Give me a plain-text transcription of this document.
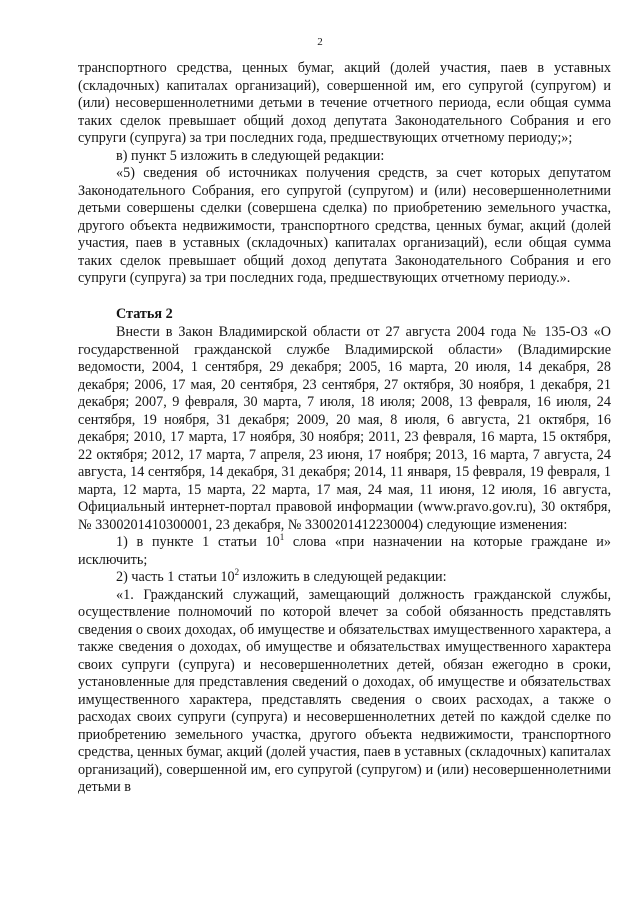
2

транспортного средства, ценных бумаг, акций (долей участия, паев в уставных (складочных) капиталах организаций), совершенной им, его супругой (супругом) и (или) несовершеннолетними детьми в течение отчетного периода, если общая сумма таких сделок превышает общий доход депутата Законодательного Собрания и его супруги (супруга) за три последних года, предшествующих отчетному периоду;»;

в) пункт 5 изложить в следующей редакции:

«5) сведения об источниках получения средств, за счет которых депутатом Законодательного Собрания, его супругой (супругом) и (или) несовершеннолетними детьми совершены сделки (совершена сделка) по приобретению земельного участка, другого объекта недвижимости, транспортного средства, ценных бумаг, акций (долей участия, паев в уставных (складочных) капиталах организаций), если общая сумма таких сделок превышает общий доход депутата Законодательного Собрания и его супруги (супруга) за три последних года, предшествующих отчетному периоду.».

Статья 2

Внести в Закон Владимирской области от 27 августа 2004 года № 135-ОЗ «О государственной гражданской службе Владимирской области» (Владимирские ведомости, 2004, 1 сентября, 29 декабря; 2005, 16 марта, 20 июля, 14 декабря, 28 декабря; 2006, 17 мая, 20 сентября, 23 сентября, 27 октября, 30 ноября, 1 декабря, 21 декабря; 2007, 9 февраля, 30 марта, 7 июля, 18 июля; 2008, 13 февраля, 16 июля, 24 сентября, 19 ноября, 31 декабря; 2009, 20 мая, 8 июля, 6 августа, 21 октября, 16 декабря; 2010, 17 марта, 17 ноября, 30 ноября; 2011, 23 февраля, 16 марта, 15 октября, 22 октября; 2012, 17 марта, 7 апреля, 23 июня, 17 ноября; 2013, 16 марта, 7 августа, 24 августа, 14 сентября, 14 декабря, 31 декабря; 2014, 11 января, 15 февраля, 19 февраля, 1 марта, 12 марта, 15 марта, 22 марта, 17 мая, 24 мая, 11 июня, 12 июля, 16 августа, Официальный интернет-портал правовой информации (www.pravo.gov.ru), 30 октября, № 3300201410300001, 23 декабря, № 3300201412230004) следующие изменения:

1) в пункте 1 статьи $10^1$ слова «при назначении на которые граждане и» исключить;

2) часть 1 статьи $10^2$ изложить в следующей редакции:

«1. Гражданский служащий, замещающий должность гражданской службы, осуществление полномочий по которой влечет за собой обязанность представлять сведения о своих доходах, об имуществе и обязательствах имущественного характера, а также сведения о доходах, об имуществе и обязательствах имущественного характера своих супруги (супруга) и несовершеннолетних детей, обязан ежегодно в сроки, установленные для представления сведений о доходах, об имуществе и обязательствах имущественного характера, представлять сведения о своих расходах, а также о расходах своих супруги (супруга) и несовершеннолетних детей по каждой сделке по приобретению земельного участка, другого объекта недвижимости, транспортного средства, ценных бумаг, акций (долей участия, паев в уставных (складочных) капиталах организаций), совершенной им, его супругой (супругом) и (или) несовершеннолетними детьми в
